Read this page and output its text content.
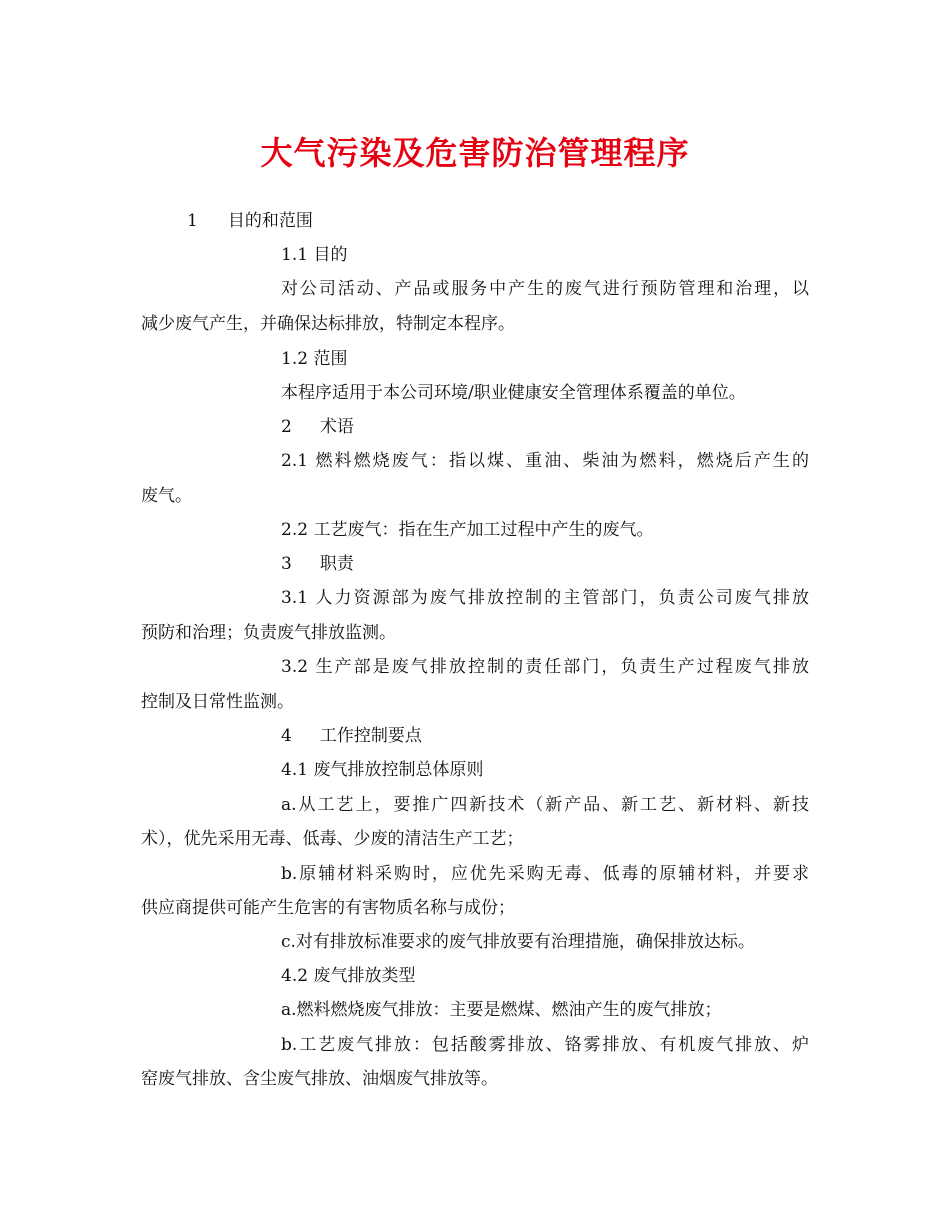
大气污染及危害防治管理程序

1 目的和范围

1.1 目的

对公司活动、产品或服务中产生的废气进行预防管理和治理，以

减少废气产生，并确保达标排放，特制定本程序。

1.2 范围

本程序适用于本公司环境/职业健康安全管理体系覆盖的单位。

2 术语

2.1 燃料燃烧废气：指以煤、重油、柴油为燃料，燃烧后产生的

废气。

2.2 工艺废气：指在生产加工过程中产生的废气。

3 职责

3.1 人力资源部为废气排放控制的主管部门，负责公司废气排放

预防和治理；负责废气排放监测。

3.2 生产部是废气排放控制的责任部门，负责生产过程废气排放

控制及日常性监测。

4 工作控制要点

4.1 废气排放控制总体原则

a.从工艺上，要推广四新技术（新产品、新工艺、新材料、新技

术），优先采用无毒、低毒、少废的清洁生产工艺；

b.原辅材料采购时，应优先采购无毒、低毒的原辅材料，并要求

供应商提供可能产生危害的有害物质名称与成份；

c.对有排放标准要求的废气排放要有治理措施，确保排放达标。

4.2 废气排放类型

a.燃料燃烧废气排放：主要是燃煤、燃油产生的废气排放；

b.工艺废气排放：包括酸雾排放、铬雾排放、有机废气排放、炉

窑废气排放、含尘废气排放、油烟废气排放等。
